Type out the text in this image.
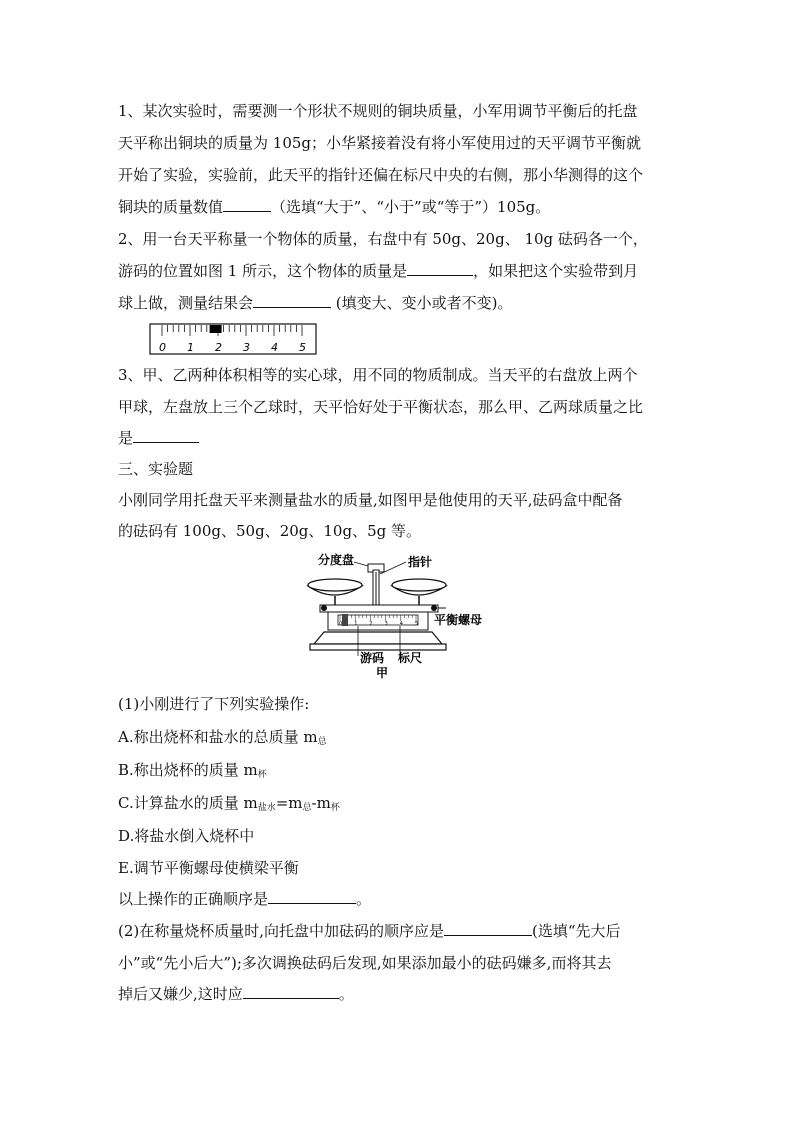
1、某次实验时，需要测一个形状不规则的铜块质量，小军用调节平衡后的托盘
天平称出铜块的质量为 105g；小华紧接着没有将小军使用过的天平调节平衡就
开始了实验，实验前，此天平的指针还偏在标尺中央的右侧，那小华测得的这个
铜块的质量数值	（选填“大于”、“小于”或“等于”）105g。
2、用一台天平称量一个物体的质量，右盘中有 50g、20g、 10g 砝码各一个，
游码的位置如图 1 所示，这个物体的质量是	，如果把这个实验带到月
球上做，测量结果会	(填变大、变小或者不变)。
0 1 2 3 4 5
3、甲、乙两种体积相等的实心球，用不同的物质制成。当天平的右盘放上两个
甲球，左盘放上三个乙球时，天平恰好处于平衡状态，那么甲、乙两球质量之比
是
三、实验题
小刚同学用托盘天平来测量盐水的质量,如图甲是他使用的天平,砝码盒中配备
的砝码有 100g、50g、20g、10g、5g 等。
分度盘	指针
平衡螺母
0 1 2 3 4 5
游码 标尺
甲
(1)小刚进行了下列实验操作:
A.称出烧杯和盐水的总质量 $m_总$
B.称出烧杯的质量 $m_杯$
C.计算盐水的质量 $m_{盐水}=m_总-m_杯$
D.将盐水倒入烧杯中
E.调节平衡螺母使横梁平衡
以上操作的正确顺序是	。
(2)在称量烧杯质量时,向托盘中加砝码的顺序应是	(选填“先大后
小”或“先小后大”);多次调换砝码后发现,如果添加最小的砝码嫌多,而将其去
掉后又嫌少,这时应	。
